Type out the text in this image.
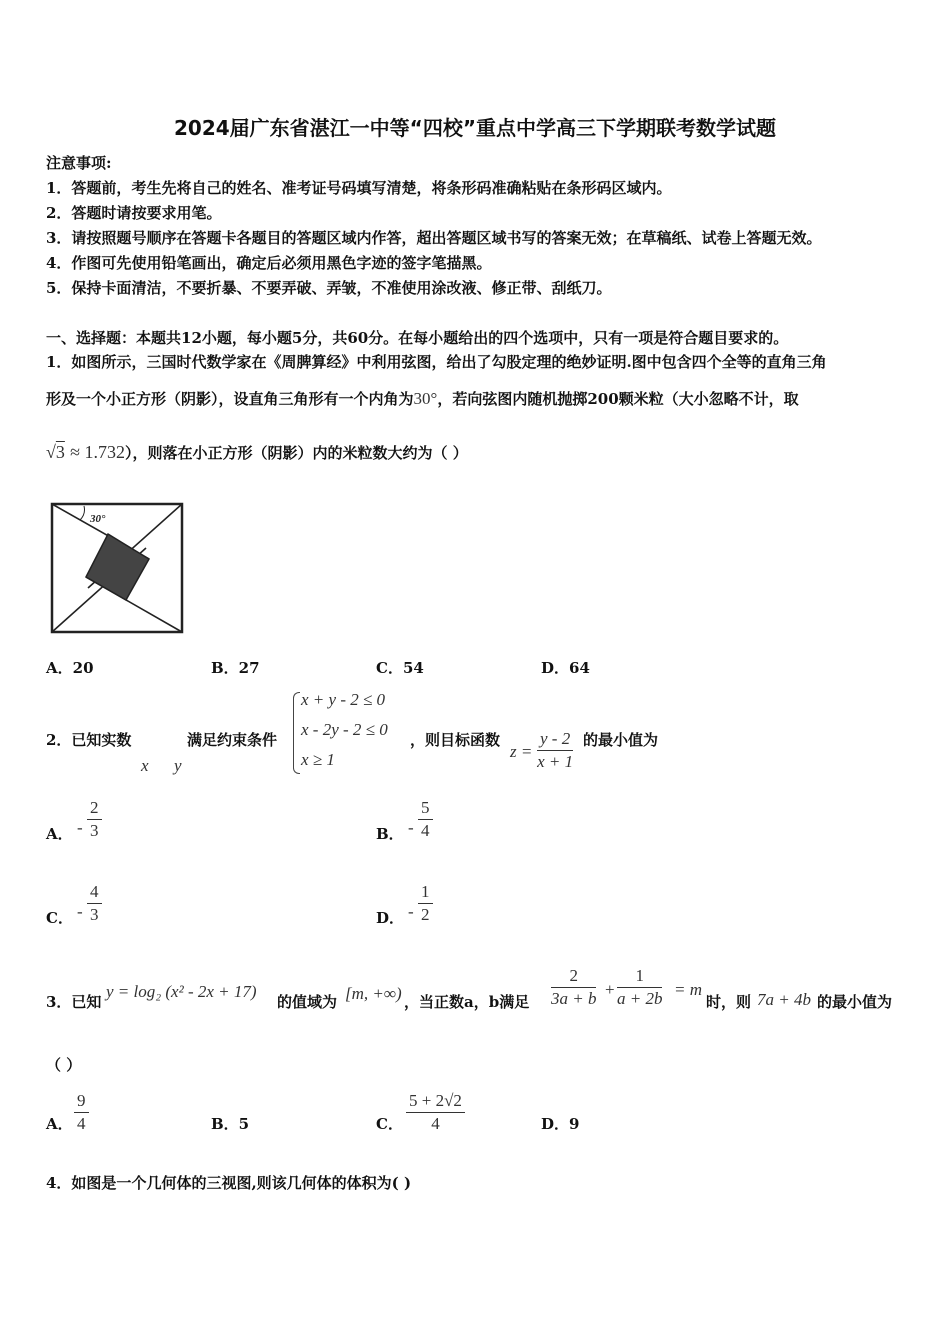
2024届广东省湛江一中等“四校”重点中学高三下学期联考数学试题
注意事项:
1．答题前，考生先将自己的姓名、准考证号码填写清楚，将条形码准确粘贴在条形码区域内。
2．答题时请按要求用笔。
3．请按照题号顺序在答题卡各题目的答题区域内作答，超出答题区域书写的答案无效；在草稿纸、试卷上答题无效。
4．作图可先使用铅笔画出，确定后必须用黑色字迹的签字笔描黑。
5．保持卡面清洁，不要折暴、不要弄破、弄皱，不准使用涂改液、修正带、刮纸刀。
一、选择题：本题共12小题，每小题5分，共60分。在每小题给出的四个选项中，只有一项是符合题目要求的。
1．如图所示，三国时代数学家在《周脾算经》中利用弦图，给出了勾股定理的绝妙证明.图中包含四个全等的直角三角
形及一个小正方形（阴影），设直角三角形有一个内角为30°，若向弦图内随机抛掷200颗米粒（大小忽略不计，取
√3 ≈ 1.732），则落在小正方形（阴影）内的米粒数大约为（ ）
30°
A．20	B．27	C．54	D．64
2．已知实数
x y
满足约束条件
x + y - 2 ≤ 0
x - 2y - 2 ≤ 0
x ≥ 1
，则目标函数
$z = \frac{y - 2}{x + 1}$ 的最小值为
A． - $\frac{2}{3}$	B． - $\frac{5}{4}$
C． - $\frac{4}{3}$	D． - $\frac{1}{2}$
3．已知
y = log₂ (x² - 2x + 17)
的值域为 [m, +∞) ，当正数a，b满足 $\frac{2}{3a + b} + \frac{1}{a + 2b} = m$
时，则 7a + 4b 的最小值为
（ ）
A． $\frac{9}{4}$	B．5	C． $\frac{5 + 2√2}{4}$	D．9
4．如图是一个几何体的三视图,则该几何体的体积为( )
